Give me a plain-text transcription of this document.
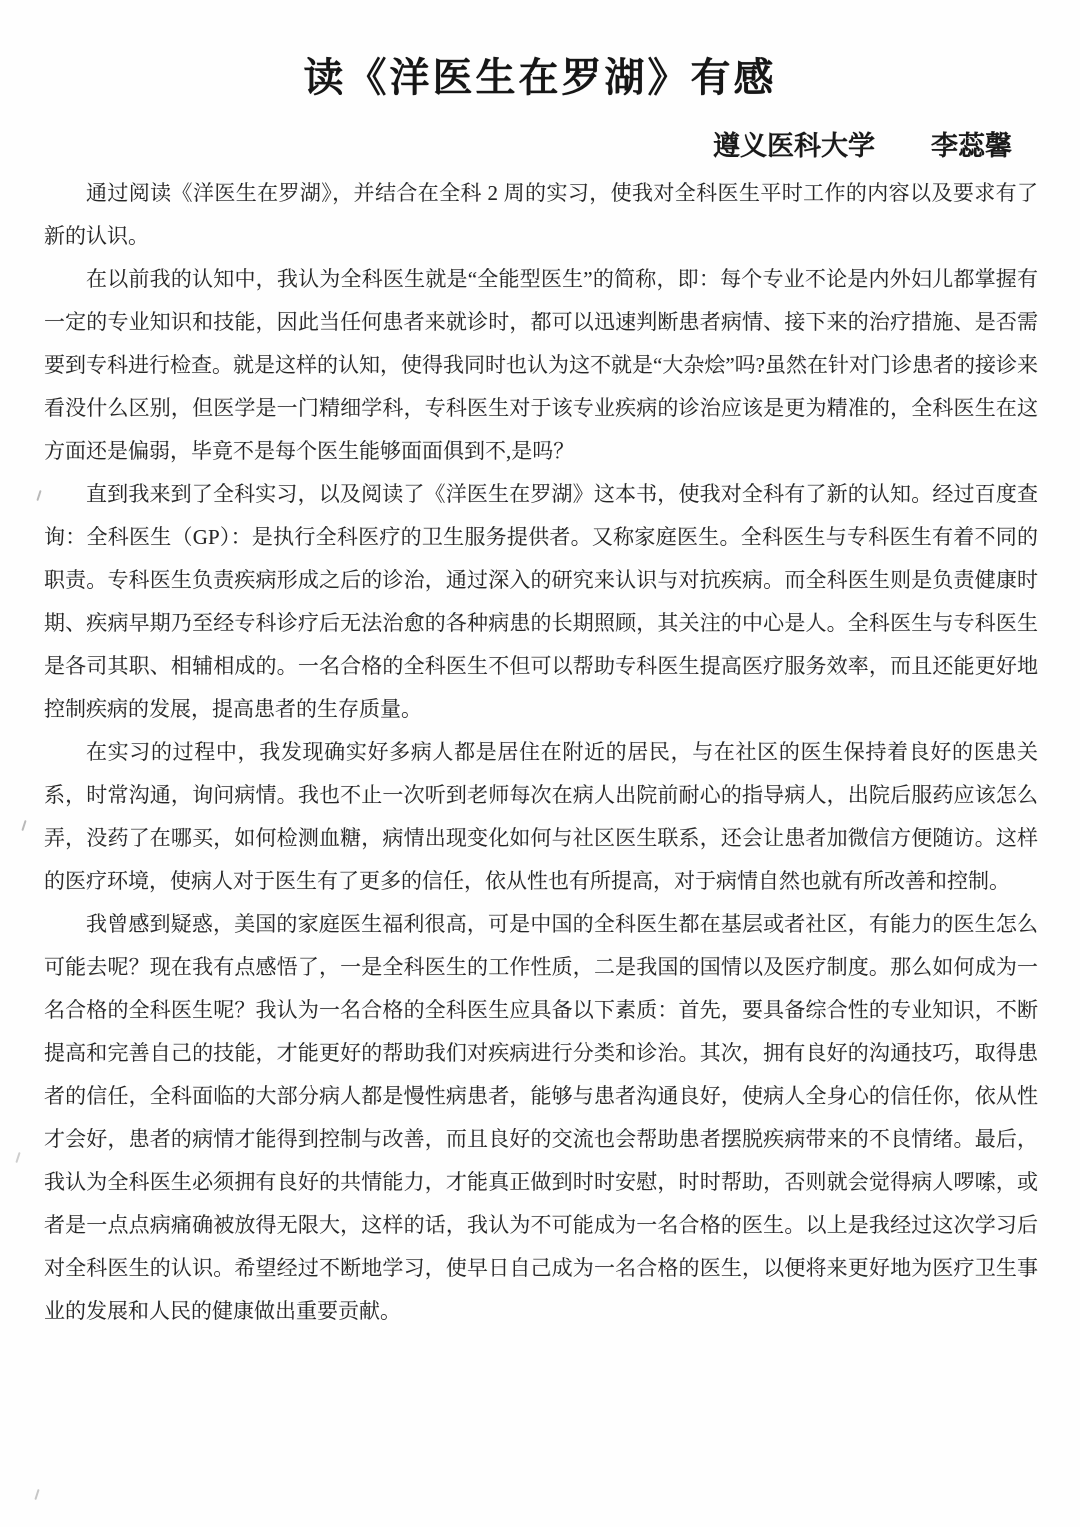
读《洋医生在罗湖》有感
遵义医科大学 李蕊馨

通过阅读《洋医生在罗湖》，并结合在全科 2 周的实习，使我对全科医生平时工作的内容以及要求有了新的认识。

在以前我的认知中，我认为全科医生就是“全能型医生”的简称，即：每个专业不论是内外妇儿都掌握有一定的专业知识和技能，因此当任何患者来就诊时，都可以迅速判断患者病情、接下来的治疗措施、是否需要到专科进行检查。就是这样的认知，使得我同时也认为这不就是“大杂烩”吗?虽然在针对门诊患者的接诊来看没什么区别，但医学是一门精细学科，专科医生对于该专业疾病的诊治应该是更为精准的，全科医生在这方面还是偏弱，毕竟不是每个医生能够面面俱到不,是吗？

直到我来到了全科实习，以及阅读了《洋医生在罗湖》这本书，使我对全科有了新的认知。经过百度查询：全科医生（GP）：是执行全科医疗的卫生服务提供者。又称家庭医生。全科医生与专科医生有着不同的职责。专科医生负责疾病形成之后的诊治，通过深入的研究来认识与对抗疾病。而全科医生则是负责健康时期、疾病早期乃至经专科诊疗后无法治愈的各种病患的长期照顾，其关注的中心是人。全科医生与专科医生是各司其职、相辅相成的。一名合格的全科医生不但可以帮助专科医生提高医疗服务效率，而且还能更好地控制疾病的发展，提高患者的生存质量。

在实习的过程中，我发现确实好多病人都是居住在附近的居民，与在社区的医生保持着良好的医患关系，时常沟通，询问病情。我也不止一次听到老师每次在病人出院前耐心的指导病人，出院后服药应该怎么弄，没药了在哪买，如何检测血糖，病情出现变化如何与社区医生联系，还会让患者加微信方便随访。这样的医疗环境，使病人对于医生有了更多的信任，依从性也有所提高，对于病情自然也就有所改善和控制。

我曾感到疑惑，美国的家庭医生福利很高，可是中国的全科医生都在基层或者社区，有能力的医生怎么可能去呢？现在我有点感悟了，一是全科医生的工作性质，二是我国的国情以及医疗制度。那么如何成为一名合格的全科医生呢？我认为一名合格的全科医生应具备以下素质：首先，要具备综合性的专业知识，不断提高和完善自己的技能，才能更好的帮助我们对疾病进行分类和诊治。其次，拥有良好的沟通技巧，取得患者的信任，全科面临的大部分病人都是慢性病患者，能够与患者沟通良好，使病人全身心的信任你，依从性才会好，患者的病情才能得到控制与改善，而且良好的交流也会帮助患者摆脱疾病带来的不良情绪。最后，我认为全科医生必须拥有良好的共情能力，才能真正做到时时安慰，时时帮助，否则就会觉得病人啰嗦，或者是一点点病痛确被放得无限大，这样的话，我认为不可能成为一名合格的医生。以上是我经过这次学习后对全科医生的认识。希望经过不断地学习，使早日自己成为一名合格的医生，以便将来更好地为医疗卫生事业的发展和人民的健康做出重要贡献。
